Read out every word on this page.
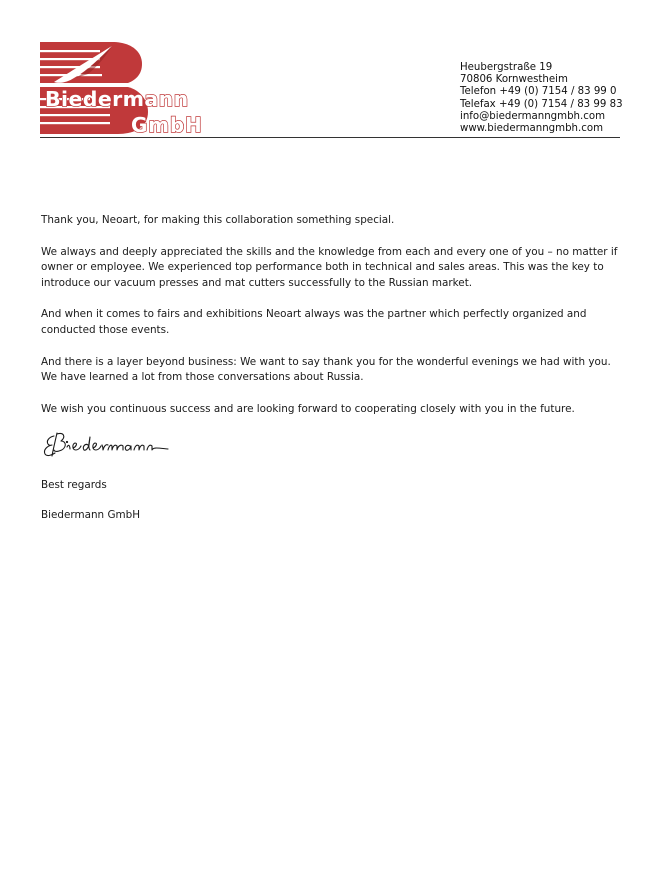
Biedermann
GmbH
Heubergstraße 19
70806 Kornwestheim
Telefon +49 (0) 7154 / 83 99 0
Telefax +49 (0) 7154 / 83 99 83
info@biedermanngmbh.com
www.biedermanngmbh.com

Thank you, Neoart, for making this collaboration something special.

We always and deeply appreciated the skills and the knowledge from each and every one of you – no matter if owner or employee. We experienced top performance both in technical and sales areas. This was the key to introduce our vacuum presses and mat cutters successfully to the Russian market.

And when it comes to fairs and exhibitions Neoart always was the partner which perfectly organized and conducted those events.

And there is a layer beyond business: We want to say thank you for the wonderful evenings we had with you. We have learned a lot from those conversations about Russia.

We wish you continuous success and are looking forward to cooperating closely with you in the future.

Best regards
Biedermann GmbH
